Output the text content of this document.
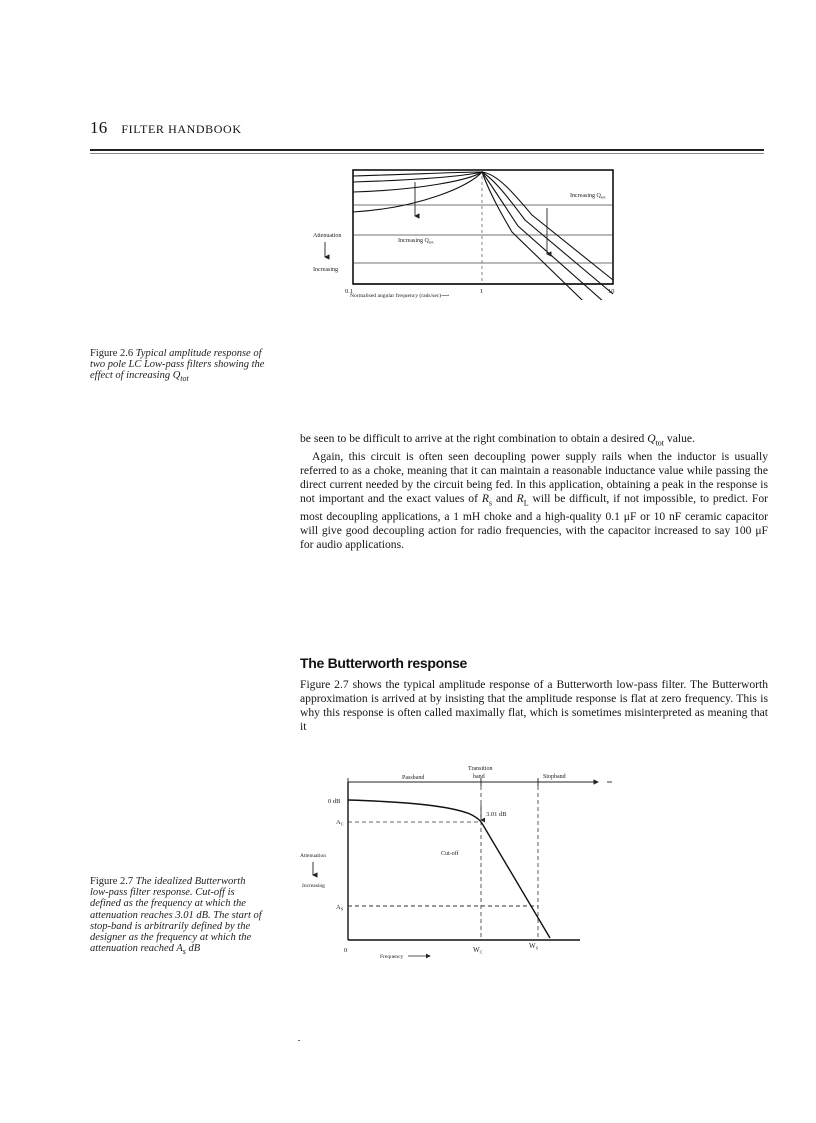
16 FILTER HANDBOOK
Attenuation
Increasing
Increasing $Q_{tot}$
Increasing $Q_{tot}$
0.1	1	10
Normalised angular frequency (rads/sec)⟶
Figure 2.6 Typical amplitude response of two pole LC Low-pass filters showing the effect of increasing $Q_{tot}$

be seen to be difficult to arrive at the right combination to obtain a desired $Q_{tot}$ value.

Again, this circuit is often seen decoupling power supply rails when the inductor is usually referred to as a choke, meaning that it can maintain a reasonable inductance value while passing the direct current needed by the circuit being fed. In this application, obtaining a peak in the response is not important and the exact values of $R_s$ and $R_L$ will be difficult, if not impossible, to predict. For most decoupling applications, a 1 mH choke and a high-quality 0.1 μF or 10 nF ceramic capacitor will give good decoupling action for radio frequencies, with the capacitor increased to say 100 μF for audio applications.

The Butterworth response

Figure 2.7 shows the typical amplitude response of a Butterworth low-pass filter. The Butterworth approximation is arrived at by insisting that the amplitude response is flat at zero frequency. This is why this response is often called maximally flat, which is sometimes misinterpreted as meaning that it

Transition
band
Passband	Stopband
0 dB
$A_C$
3.01 dB
Cut-off
Attenuation
Increasing
$A_S$
0	$W_C$
$W_S$
Frequency
Figure 2.7 The idealized Butterworth low-pass filter response. Cut-off is defined as the frequency at which the attenuation reaches 3.01 dB. The start of stop-band is arbitrarily defined by the designer as the frequency at which the attenuation reached $A_s$ dB
